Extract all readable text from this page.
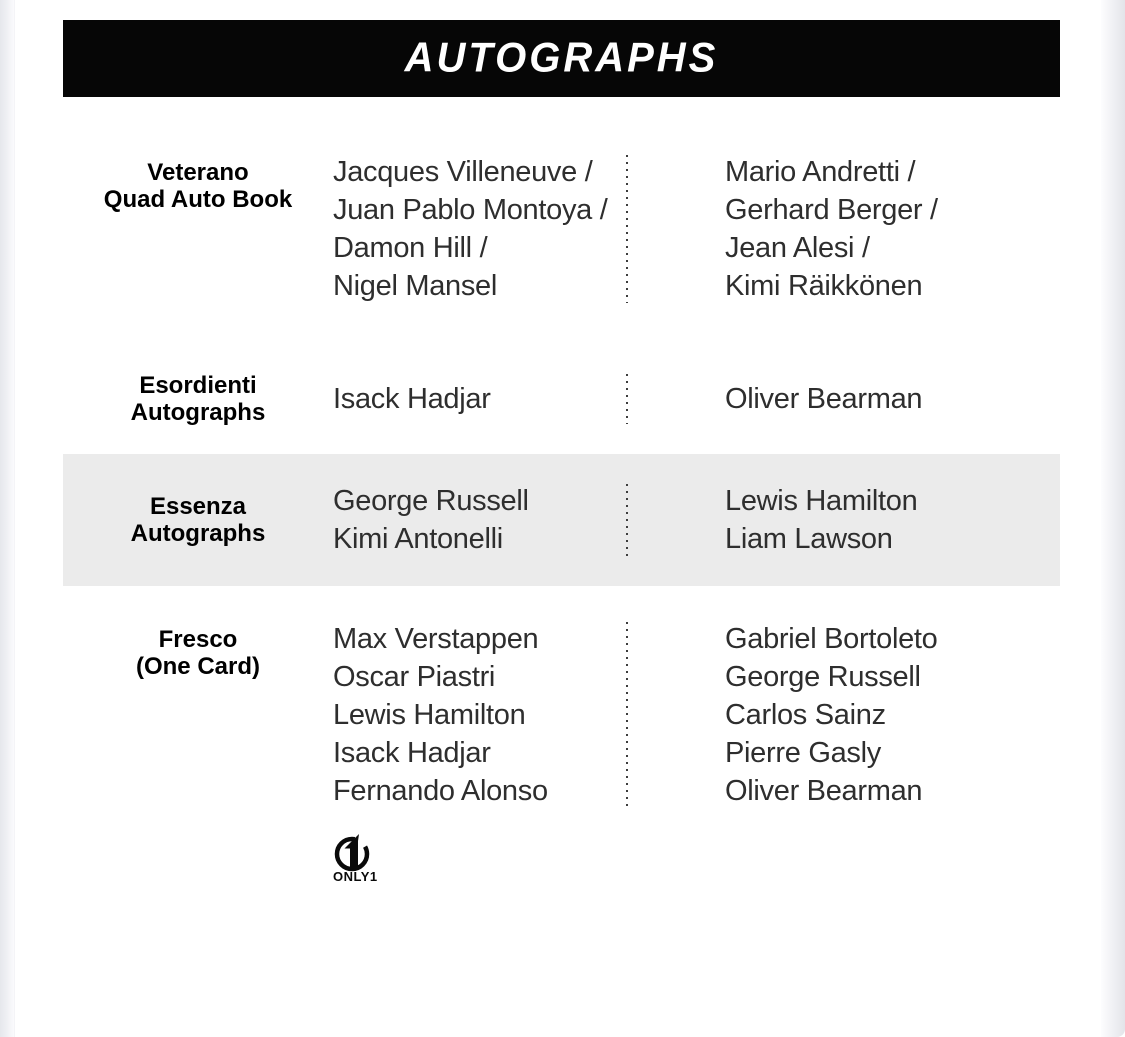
AUTOGRAPHS
Veterano
Quad Auto Book
Jacques Villeneuve /
Juan Pablo Montoya /
Damon Hill /
Nigel Mansel
Mario Andretti /
Gerhard Berger /
Jean Alesi /
Kimi Räikkönen
Esordienti
Autographs	Isack Hadjar	Oliver Bearman
Essenza
Autographs
George Russell
Kimi Antonelli
Lewis Hamilton
Liam Lawson
Fresco
(One Card)
Max Verstappen
Oscar Piastri
Lewis Hamilton
Isack Hadjar
Fernando Alonso
Gabriel Bortoleto
George Russell
Carlos Sainz
Pierre Gasly
Oliver Bearman
ONLY1
